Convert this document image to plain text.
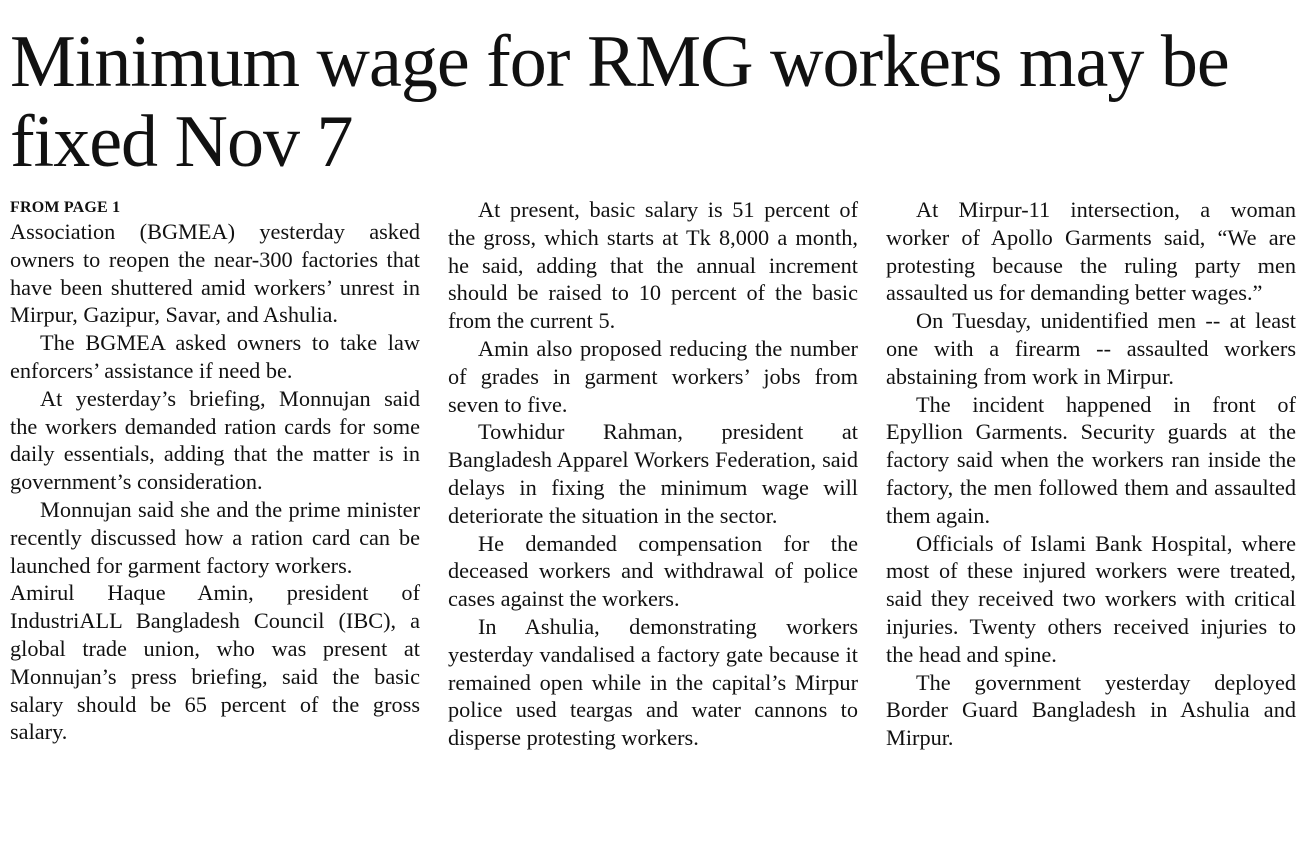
Minimum wage for RMG workers may be fixed Nov 7
FROM PAGE 1

Association (BGMEA) yesterday asked owners to reopen the near-300 factories that have been shuttered amid workers’ unrest in Mirpur, Gazipur, Savar, and Ashulia.

The BGMEA asked owners to take law enforcers’ assistance if need be.

At yesterday’s briefing, Monnujan said the workers demanded ration cards for some daily essentials, adding that the matter is in government’s consideration.

Monnujan said she and the prime minister recently discussed how a ration card can be launched for garment factory workers.

Amirul Haque Amin, president of IndustriALL Bangladesh Council (IBC), a global trade union, who was present at Monnujan’s press briefing, said the basic salary should be 65 percent of the gross salary.

At present, basic salary is 51 percent of the gross, which starts at Tk 8,000 a month, he said, adding that the annual increment should be raised to 10 percent of the basic from the current 5.

Amin also proposed reducing the number of grades in garment workers’ jobs from seven to five.

Towhidur Rahman, president at Bangladesh Apparel Workers Federation, said delays in fixing the minimum wage will deteriorate the situation in the sector.

He demanded compensation for the deceased workers and withdrawal of police cases against the workers.

In Ashulia, demonstrating workers yesterday vandalised a factory gate because it remained open while in the capital’s Mirpur police used teargas and water cannons to disperse protesting workers.

At Mirpur-11 intersection, a woman worker of Apollo Garments said, “We are protesting because the ruling party men assaulted us for demanding better wages.”

On Tuesday, unidentified men -- at least one with a firearm -- assaulted workers abstaining from work in Mirpur.

The incident happened in front of Epyllion Garments. Security guards at the factory said when the workers ran inside the factory, the men followed them and assaulted them again.

Officials of Islami Bank Hospital, where most of these injured workers were treated, said they received two workers with critical injuries. Twenty others received injuries to the head and spine.

The government yesterday deployed Border Guard Bangladesh in Ashulia and Mirpur.
